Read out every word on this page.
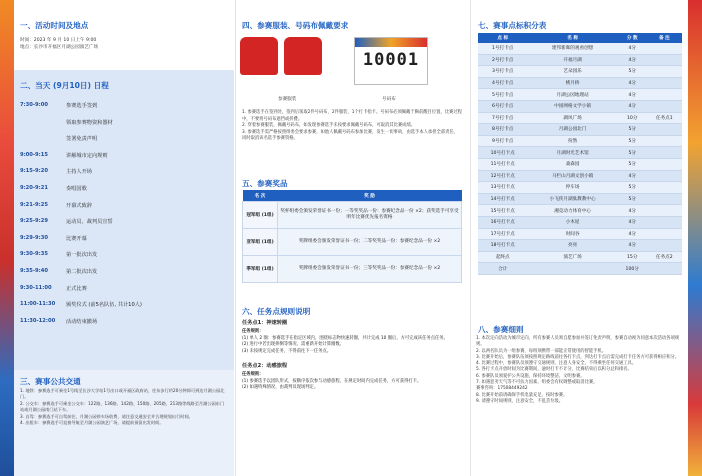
一、活动时间及地点

时间：2023 年 9 月 10 日上午 9:00
地点：长沙市开福区月湖公园演艺广场

二、当天 (9月10日) 日程

7:30-9:00	参赛选手签到
领取参赛物资和器材
签署免责声明
9:00-9:15	讲解城市定向规则
9:15-9:20	主持人开场
9:20-9:21	奏唱国歌
9:21-9:25	开幕式致辞
9:25-9:29	运动员、裁判员宣誓
9:29-9:30	比赛开幕
9:30-9:35	第一批次出发
9:35-9:40	第二批次出发
9:30-11:00	正式比赛
11:00-11:30	颁奖仪式 (前5名队伍, 共计10人)
11:30-12:00	活动结束撤场

三、赛事公共交通

1. 地铁：参赛选手可乘坐1号线至长沙大学站1号出口或开福区政府站，往东步行约20分钟即可到达月湖公园北门。
2. 公交车：参赛选手可乘坐公交车：122路、136路、142路、150路、205路、213路等线路至月湖公园东门站或月湖公园南门站下车。
3. 自驾：参赛选手可自驾前往，月湖公园停车场收费，请注意交通安全并合理规划出行时间。
4. 出租车：参赛选手可直接导航至月湖公园演艺广场，请提前预留出发时间。

四、参赛服装、号码布佩戴要求

参赛服装
10001
号码布
1. 参赛选手在签到处，签到后领取2件号码布、2件服装、1个打卡指卡。号码布必须佩戴于胸前醒目位置，比赛过程中，不要将号码布遮挡或折叠。
2. 穿着参赛服装，佩戴号码布，如发现参赛选手未按要求佩戴号码布，可取消其比赛成绩。
3. 参赛选手需严格按照组委会要求参赛，如他人佩戴号码布参加比赛，发生一切事故，由选手本人承担全部责任，同时取消该名选手参赛资格。

五、参赛奖品

名 次	奖 励
冠军组 (1组)	奖杯组委会颁发荣誉证书一份；一等奖奖品一份：参赛纪念品一份 ×2；获奖选手可享受明年比赛优先报名资格
亚军组 (1组)	奖牌组委会颁发荣誉证书一份；二等奖奖品一份：参赛纪念品一份 ×2
季军组 (1组)	奖牌组委会颁发荣誉证书一份；三等奖奖品一份：参赛纪念品一份 ×2

六、任务点规则说明

任务点1：神速转圈
任务规则：
(1) 单人 2 圈：参赛选手在指定区域内，围绕标志物快速转圈，共计完成 10 圈后，方可完成该任务点任务。
(2) 进行中若出现摔倒等情况，需重新开始计算圈数。
(3) 未按规定完成任务，不得前往下一任务点。
任务点2：动感旅程
任务规则：
(1) 参赛选手以团队形式，按顺序依次参与动感旅程，在规定时间内完成任务，方可获得打卡。
(2) 如遇特殊情况，由裁判员现场判定。

七、赛事点标积分表

点 标	名 称	分 数	备 注
1号打卡点	建邦新晖的观看创想	4分	
2号打卡点	开福月湖	4分	
3号打卡点	艺朵园乐	5分	
4号打卡点	桃月桥	4分	
5号打卡点	月湖公园地理站	4分	
6号打卡点	中国网格文学小镇	4分	
7号打卡点	湖风广场	10分	任务点1
8号打卡点	月湖公园北门	5分	
9号打卡点	扮然	5分	
10号打卡点	月湖时光艺术馆	5分	
11号打卡点	桑森园	5分	
12号打卡点	马栏山月湖文创小镇	4分	
13号打卡点	停车场	5分	
14号打卡点	小飞侠月湖肽教教中心	5分	
15号打卡点	湘竞动力体育中心	4分	
16号打卡点	小木屋	4分	
17号打卡点	时间谷	4分	
18号打卡点	亮亮	4分	
起终点	演艺广场	15分	任务点2
合计		100分	

八、参赛细则

1. 本次定向活动为城市定向，所有参赛人员须自愿参加并签订免责声明，参赛自动视为同意本次活动各项规则。
2. 以两名队员为一组参赛，每组须携带一部能正常使用的智能手机。
3. 比赛开始后，参赛队伍须按照规定路线前往各打卡点，到达打卡点后需完成打卡任务方可获得相应积分。
4. 比赛过程中，参赛队员须遵守交通规则，注意人身安全，不得乘坐任何交通工具。
5. 各打卡点开放时间为比赛期间，逾时打卡不计分，比赛结束后以积分总和排名。
6. 参赛队员须爱护公共设施，保持环境整洁，文明参赛。
7. 如遇恶劣天气等不可抗力因素，组委会有权调整或取消比赛。
赛事咨询：17508449242
8. 比赛开始前请确保手机电量充足，按时参赛。
9. 请遵守时间规则，注意安全，不乱丢垃圾。
